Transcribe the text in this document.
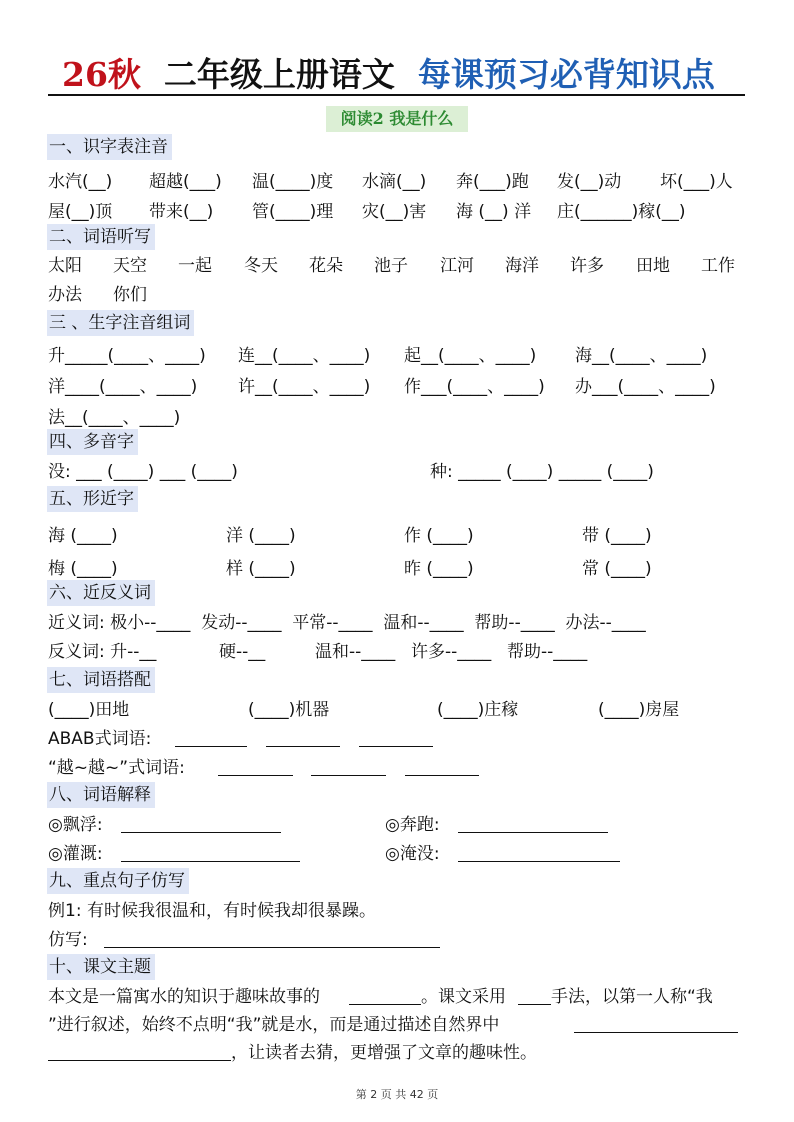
26秋 二年级上册语文 每课预习必背知识点
阅读2 我是什么
一、识字表注音
水汽(__) 超越(___) 温(____)度 水滴(__) 奔(___)跑 发(__)动 坏(___)人
屋(__)顶 带来(__) 管(____)理 灾(__)害 海 (__) 洋 庄(______)稼(__)
二、词语听写
太阳 天空 一起 冬天 花朵 池子 江河 海洋 许多 田地 工作
办法 你们
三 、生字注音组词
升_____(____、____) 连__(____、____) 起__(____、____) 海__(____、____)
洋____(____、____) 许__(____、____) 作___(____、____) 办___(____、____)
法__(____、____)
四、多音字
没: ___ (____) ___ (____)	种: _____ (____) _____ (____)
五、形近字
海 (____)	洋 (____)	作 (____)	带 (____)
梅 (____)	样 (____)	昨 (____)	常 (____)
六、近反义词
近义词: 极小--____  发动--____  平常--____  温和--____  帮助--____  办法--____
反义词: 升--__	硬--__	温和--____ 许多--____ 帮助--____
七、词语搭配
(____)田地	(____)机器	(____)庄稼	(____)房屋
ABAB式词语:
“越~越~”式词语:
八、词语解释
◎飘浮:	◎奔跑:
◎灌溉:	◎淹没:
九、重点句子仿写
例1: 有时候我很温和，有时候我却很暴躁。
仿写:
十、课文主题
本文是一篇寓水的知识于趣味故事的	。课文采用	手法，以第一人称“我
”进行叙述，始终不点明“我”就是水，而是通过描述自然界中
，让读者去猜，更增强了文章的趣味性。
第 2 页 共 42 页
